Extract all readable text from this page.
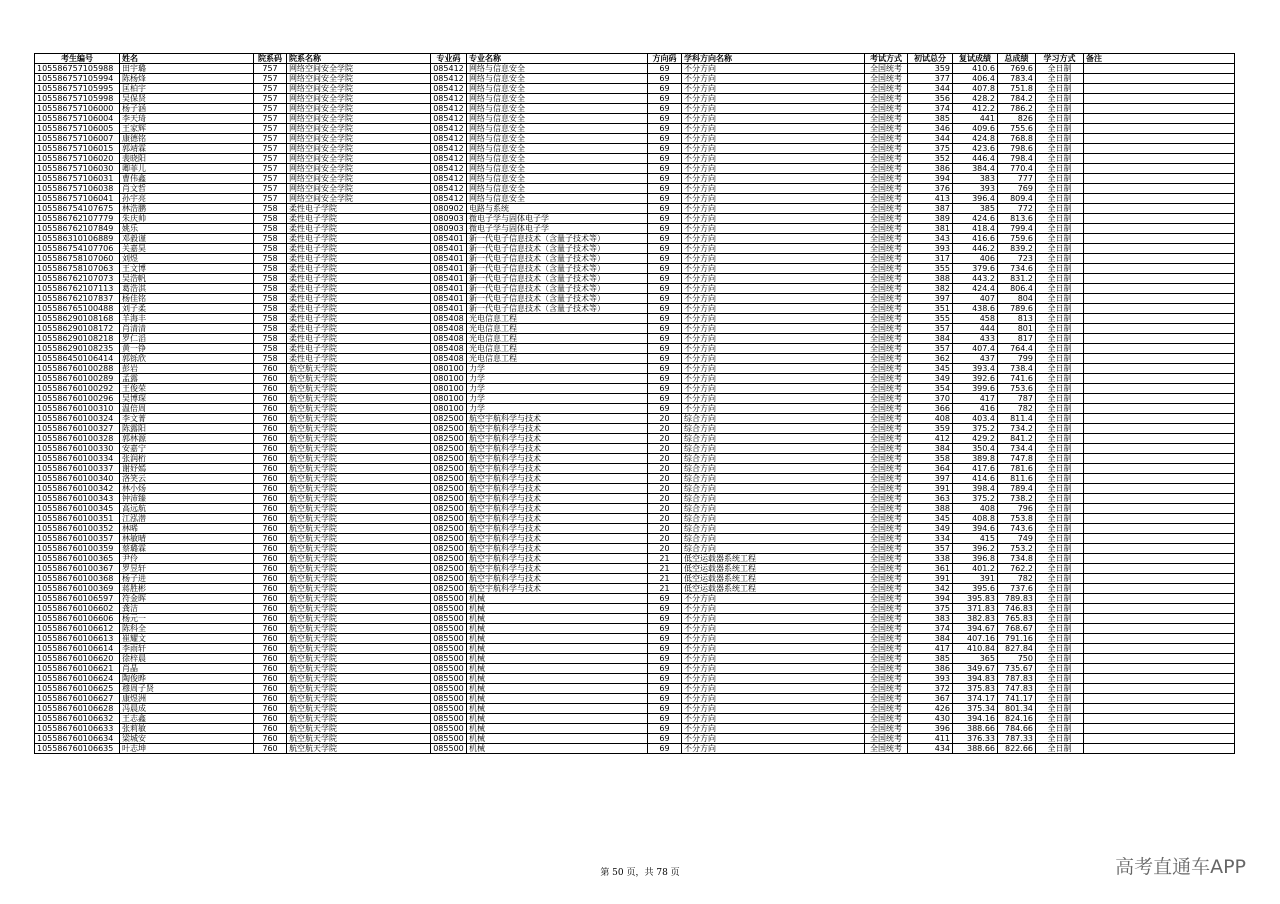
考生编号	姓名	院系码	院系名称	专业码	专业名称	方向码	学科方向名称	考试方式	初试总分	复试成绩	总成绩	学习方式	备注
10558675710598​8	田宇璐	757	网络空间安全学院	085412	网络与信息安全	69	不分方向	全国统考	359	410.6	769.6	全日制	
105586757105994	陈杨烽	757	网络空间安全学院	085412	网络与信息安全	69	不分方向	全国统考	377	406.4	783.4	全日制	
105586757105995	匡柏宇	757	网络空间安全学院	085412	网络与信息安全	69	不分方向	全国统考	344	407.8	751.8	全日制	
105586757105998	吴保贤	757	网络空间安全学院	085412	网络与信息安全	69	不分方向	全国统考	356	428.2	784.2	全日制	
105586757106000	杨子涵	757	网络空间安全学院	085412	网络与信息安全	69	不分方向	全国统考	374	412.2	786.2	全日制	
105586757106004	李天琦	757	网络空间安全学院	085412	网络与信息安全	69	不分方向	全国统考	385	441	826	全日制	
105586757106005	王家辉	757	网络空间安全学院	085412	网络与信息安全	69	不分方向	全国统考	346	409.6	755.6	全日制	
105586757106007	康德铭	757	网络空间安全学院	085412	网络与信息安全	69	不分方向	全国统考	344	424.8	768.8	全日制	
105586757106015	郭靖霖	757	网络空间安全学院	085412	网络与信息安全	69	不分方向	全国统考	375	423.6	798.6	全日制	
105586757106020	裴晓阳	757	网络空间安全学院	085412	网络与信息安全	69	不分方向	全国统考	352	446.4	798.4	全日制	
105586757106030	卿菲儿	757	网络空间安全学院	085412	网络与信息安全	69	不分方向	全国统考	386	384.4	770.4	全日制	
105586757106031	曹伟鑫	757	网络空间安全学院	085412	网络与信息安全	69	不分方向	全国统考	394	383	777	全日制	
105586757106038	肖文哲	757	网络空间安全学院	085412	网络与信息安全	69	不分方向	全国统考	376	393	769	全日制	
105586757106041	孙宇亮	757	网络空间安全学院	085412	网络与信息安全	69	不分方向	全国统考	413	396.4	809.4	全日制	
105586754107675	林浩鹏	758	柔性电子学院	080902	电路与系统	69	不分方向	全国统考	387	385	772	全日制	
105586762107779	朱庆帅	758	柔性电子学院	080903	微电子学与固体电子学	69	不分方向	全国统考	389	424.6	813.6	全日制	
105586762107849	姚乐	758	柔性电子学院	080903	微电子学与固体电子学	69	不分方向	全国统考	381	418.4	799.4	全日制	
105586310106889	邓毅谨	758	柔性电子学院	085401	新一代电子信息技术（含量子技术等）	69	不分方向	全国统考	343	416.6	759.6	全日制	
105586754107706	关嘉昊	758	柔性电子学院	085401	新一代电子信息技术（含量子技术等）	69	不分方向	全国统考	393	446.2	839.2	全日制	
105586758107060	刘煜	758	柔性电子学院	085401	新一代电子信息技术（含量子技术等）	69	不分方向	全国统考	317	406	723	全日制	
105586758107063	王文博	758	柔性电子学院	085401	新一代电子信息技术（含量子技术等）	69	不分方向	全国统考	355	379.6	734.6	全日制	
105586762107073	吴浩帆	758	柔性电子学院	085401	新一代电子信息技术（含量子技术等）	69	不分方向	全国统考	388	443.2	831.2	全日制	
105586762107113	葛浩淇	758	柔性电子学院	085401	新一代电子信息技术（含量子技术等）	69	不分方向	全国统考	382	424.4	806.4	全日制	
105586762107837	杨佳铭	758	柔性电子学院	085401	新一代电子信息技术（含量子技术等）	69	不分方向	全国统考	397	407	804	全日制	
105586765100488	刘子柔	758	柔性电子学院	085401	新一代电子信息技术（含量子技术等）	69	不分方向	全国统考	351	438.6	789.6	全日制	
105586290108168	羊海丰	758	柔性电子学院	085408	光电信息工程	69	不分方向	全国统考	355	458	813	全日制	
105586290108172	肖清清	758	柔性电子学院	085408	光电信息工程	69	不分方向	全国统考	357	444	801	全日制	
105586290108218	罗仁滔	758	柔性电子学院	085408	光电信息工程	69	不分方向	全国统考	384	433	817	全日制	
105586290108235	黄一铮	758	柔性电子学院	085408	光电信息工程	69	不分方向	全国统考	357	407.4	764.4	全日制	
105586450106414	郭铄欣	758	柔性电子学院	085408	光电信息工程	69	不分方向	全国统考	362	437	799	全日制	
105586760100288	彭岩	760	航空航天学院	080100	力学	69	不分方向	全国统考	345	393.4	738.4	全日制	
105586760100289	孟露	760	航空航天学院	080100	力学	69	不分方向	全国统考	349	392.6	741.6	全日制	
105586760100292	王俊荣	760	航空航天学院	080100	力学	69	不分方向	全国统考	354	399.6	753.6	全日制	
105586760100296	吴博琛	760	航空航天学院	080100	力学	69	不分方向	全国统考	370	417	787	全日制	
105586760100310	温倍周	760	航空航天学院	080100	力学	69	不分方向	全国统考	366	416	782	全日制	
105586760100324	李文菁	760	航空航天学院	082500	航空宇航科学与技术	20	综合方向	全国统考	408	403.4	811.4	全日制	
105586760100327	陈露阳	760	航空航天学院	082500	航空宇航科学与技术	20	综合方向	全国统考	359	375.2	734.2	全日制	
105586760100328	郭林源	760	航空航天学院	082500	航空宇航科学与技术	20	综合方向	全国统考	412	429.2	841.2	全日制	
105586760100330	安嘉宁	760	航空航天学院	082500	航空宇航科学与技术	20	综合方向	全国统考	384	350.4	734.4	全日制	
105586760100334	张润桁	760	航空航天学院	082500	航空宇航科学与技术	20	综合方向	全国统考	358	389.8	747.8	全日制	
105586760100337	谢妤嫣	760	航空航天学院	082500	航空宇航科学与技术	20	综合方向	全国统考	364	417.6	781.6	全日制	
105586760100340	洛笑云	760	航空航天学院	082500	航空宇航科学与技术	20	综合方向	全国统考	397	414.6	811.6	全日制	
105586760100342	林小炀	760	航空航天学院	082500	航空宇航科学与技术	20	综合方向	全国统考	391	398.4	789.4	全日制	
105586760100343	钟沛臻	760	航空航天学院	082500	航空宇航科学与技术	20	综合方向	全国统考	363	375.2	738.2	全日制	
105586760100345	高远航	760	航空航天学院	082500	航空宇航科学与技术	20	综合方向	全国统考	388	408	796	全日制	
105586760100351	江泓潜	760	航空航天学院	082500	航空宇航科学与技术	20	综合方向	全国统考	345	408.8	753.8	全日制	
105586760100352	林晞	760	航空航天学院	082500	航空宇航科学与技术	20	综合方向	全国统考	349	394.6	743.6	全日制	
105586760100357	林敏晴	760	航空航天学院	082500	航空宇航科学与技术	20	综合方向	全国统考	334	415	749	全日制	
105586760100359	蔡璐霖	760	航空航天学院	082500	航空宇航科学与技术	20	综合方向	全国统考	357	396.2	753.2	全日制	
105586760100365	尹伶	760	航空航天学院	082500	航空宇航科学与技术	21	低空运载器系统工程	全国统考	338	396.8	734.8	全日制	
105586760100367	罗昱轩	760	航空航天学院	082500	航空宇航科学与技术	21	低空运载器系统工程	全国统考	361	401.2	762.2	全日制	
105586760100368	杨子进	760	航空航天学院	082500	航空宇航科学与技术	21	低空运载器系统工程	全国统考	391	391	782	全日制	
105586760100369	蒋胜彬	760	航空航天学院	082500	航空宇航科学与技术	21	低空运载器系统工程	全国统考	342	395.6	737.6	全日制	
105586760106597	符金晖	760	航空航天学院	085500	机械	69	不分方向	全国统考	394	395.83	789.83	全日制	
105586760106602	龚洁	760	航空航天学院	085500	机械	69	不分方向	全国统考	375	371.83	746.83	全日制	
105586760106606	杨元一	760	航空航天学院	085500	机械	69	不分方向	全国统考	383	382.83	765.83	全日制	
105586760106612	陈科全	760	航空航天学院	085500	机械	69	不分方向	全国统考	374	394.67	768.67	全日制	
105586760106613	崔耀文	760	航空航天学院	085500	机械	69	不分方向	全国统考	384	407.16	791.16	全日制	
105586760106614	李雨轩	760	航空航天学院	085500	机械	69	不分方向	全国统考	417	410.84	827.84	全日制	
105586760106620	徐梓晨	760	航空航天学院	085500	机械	69	不分方向	全国统考	385	365	750	全日制	
105586760106621	肖晶	760	航空航天学院	085500	机械	69	不分方向	全国统考	386	349.67	735.67	全日制	
105586760106624	陶俊晔	760	航空航天学院	085500	机械	69	不分方向	全国统考	393	394.83	787.83	全日制	
105586760106625	穆周子贤	760	航空航天学院	085500	机械	69	不分方向	全国统考	372	375.83	747.83	全日制	
105586760106627	康煜洲	760	航空航天学院	085500	机械	69	不分方向	全国统考	367	374.17	741.17	全日制	
105586760106628	冯晨成	760	航空航天学院	085500	机械	69	不分方向	全国统考	426	375.34	801.34	全日制	
105586760106632	王志鑫	760	航空航天学院	085500	机械	69	不分方向	全国统考	430	394.16	824.16	全日制	
105586760106633	张莉敏	760	航空航天学院	085500	机械	69	不分方向	全国统考	396	388.66	784.66	全日制	
105586760106634	梁城安	760	航空航天学院	085500	机械	69	不分方向	全国统考	411	376.33	787.33	全日制	
105586760106635	叶志坤	760	航空航天学院	085500	机械	69	不分方向	全国统考	434	388.66	822.66	全日制	
第 50 页，共 78 页	高考直通车APP
